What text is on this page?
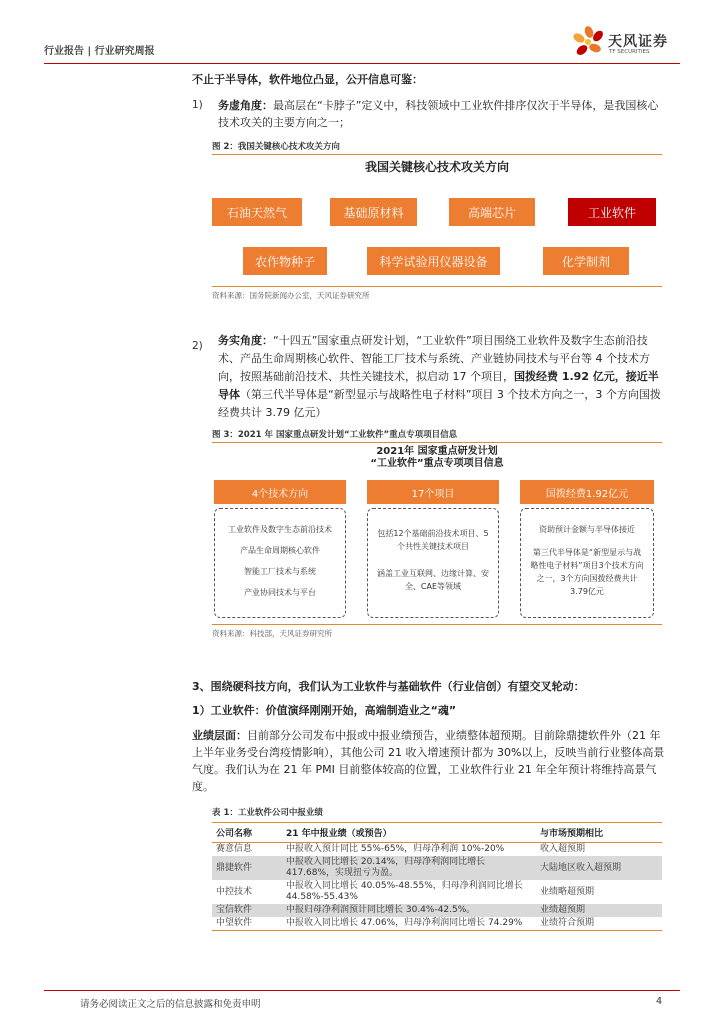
行业报告 | 行业研究周报
天风证券
TF SECURITIES
不止于半导体，软件地位凸显，公开信息可鉴：
1) 务虚角度：最高层在“卡脖子”定义中，科技领域中工业软件排序仅次于半导体，是我国核心技术攻关的主要方向之一；
图 2：我国关键核心技术攻关方向
我国关键核心技术攻关方向
石油天然气	基础原材料	高端芯片	工业软件
农作物种子	科学试验用仪器设备	化学制剂
资料来源：国务院新闻办公室，天风证券研究所
2) 务实角度：“十四五”国家重点研发计划，“工业软件”项目围绕工业软件及数字生态前沿技术、产品生命周期核心软件、智能工厂技术与系统、产业链协同技术与平台等 4 个技术方向，按照基础前沿技术、共性关键技术，拟启动 17 个项目，国拨经费 1.92 亿元，接近半导体（第三代半导体是“新型显示与战略性电子材料”项目 3 个技术方向之一，3 个方向国拨经费共计 3.79 亿元）
图 3：2021 年 国家重点研发计划“工业软件”重点专项项目信息
2021年 国家重点研发计划
“工业软件”重点专项项目信息
4个技术方向

工业软件及数字生态前沿技术

产品生命周期核心软件

智能工厂技术与系统

产业协同技术与平台

17个项目

包括12个基础前沿技术项目、5个共性关键技术项目

涵盖工业互联网、边缘计算、安全、CAE等领域

国拨经费1.92亿元

资助预计金额与半导体接近

第三代半导体是“新型显示与战略性电子材料”项目3个技术方向之一，3个方向国拨经费共计3.79亿元

资料来源：科技部，天风证券研究所
3、围绕硬科技方向，我们认为工业软件与基础软件（行业信创）有望交叉轮动：
1）工业软件：价值演绎刚刚开始，高端制造业之“魂”
业绩层面：目前部分公司发布中报或中报业绩预告，业绩整体超预期。目前除鼎捷软件外（21 年上半年业务受台湾疫情影响），其他公司 21 收入增速预计都为 30%以上，反映当前行业整体高景气度。我们认为在 21 年 PMI 目前整体较高的位置，工业软件行业 21 年全年预计将维持高景气度。
表 1：工业软件公司中报业绩
公司名称	21 年中报业绩（或预告）	与市场预期相比
赛意信息	中报收入预计同比 55%-65%，归母净利润 10%-20%	收入超预期
鼎捷软件	中报收入同比增长 20.14%，归母净利润同比增长 417.68%，实现扭亏为盈。	大陆地区收入超预期
中控技术	中报收入同比增长 40.05%-48.55%，归母净利润同比增长 44.58%-55.43%	业绩略超预期
宝信软件	中报归母净利润预计同比增长 30.4%-42.5%。	业绩超预期
中望软件	中报收入同比增长 47.06%，归母净利润同比增长 74.29%	业绩符合预期
请务必阅读正文之后的信息披露和免责申明	4
